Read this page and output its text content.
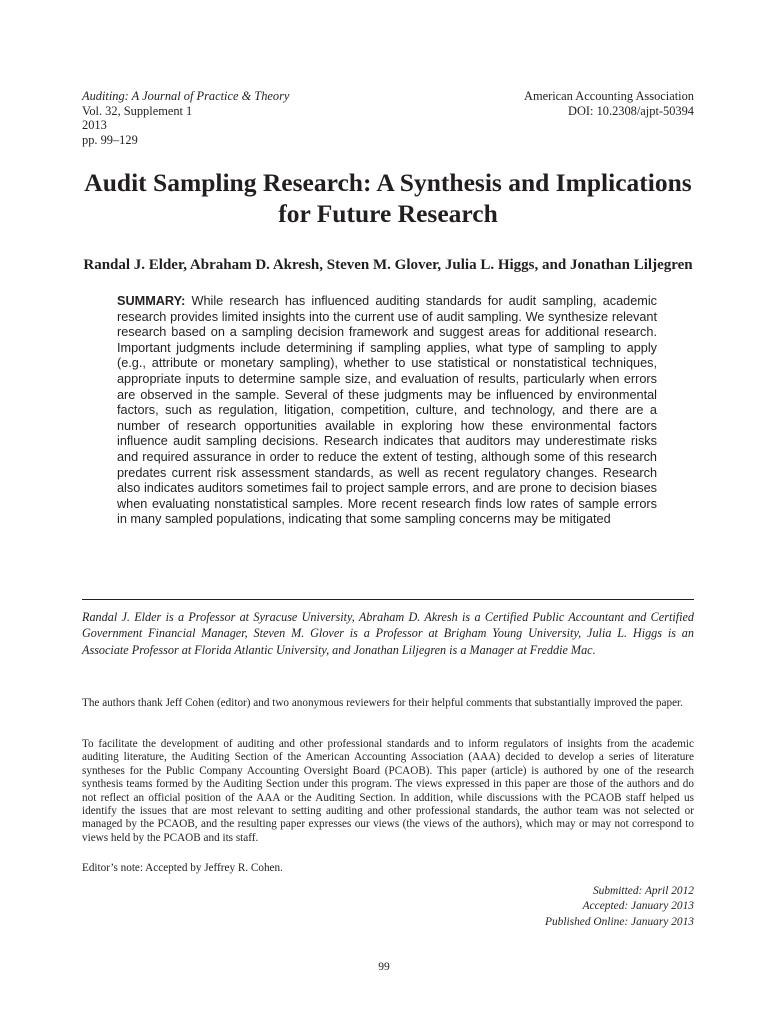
Auditing: A Journal of Practice & Theory
Vol. 32, Supplement 1
2013
pp. 99–129
American Accounting Association
DOI: 10.2308/ajpt-50394
Audit Sampling Research: A Synthesis and Implications for Future Research

Randal J. Elder, Abraham D. Akresh, Steven M. Glover, Julia L. Higgs, and Jonathan Liljegren

SUMMARY: While research has influenced auditing standards for audit sampling, academic research provides limited insights into the current use of audit sampling. We synthesize relevant research based on a sampling decision framework and suggest areas for additional research. Important judgments include determining if sampling applies, what type of sampling to apply (e.g., attribute or monetary sampling), whether to use statistical or nonstatistical techniques, appropriate inputs to determine sample size, and evaluation of results, particularly when errors are observed in the sample. Several of these judgments may be influenced by environmental factors, such as regulation, litigation, competition, culture, and technology, and there are a number of research opportunities available in exploring how these environmental factors influence audit sampling decisions. Research indicates that auditors may underestimate risks and required assurance in order to reduce the extent of testing, although some of this research predates current risk assessment standards, as well as recent regulatory changes. Research also indicates auditors sometimes fail to project sample errors, and are prone to decision biases when evaluating nonstatistical samples. More recent research finds low rates of sample errors in many sampled populations, indicating that some sampling concerns may be mitigated

Randal J. Elder is a Professor at Syracuse University, Abraham D. Akresh is a Certified Public Accountant and Certified Government Financial Manager, Steven M. Glover is a Professor at Brigham Young University, Julia L. Higgs is an Associate Professor at Florida Atlantic University, and Jonathan Liljegren is a Manager at Freddie Mac.

The authors thank Jeff Cohen (editor) and two anonymous reviewers for their helpful comments that substantially improved the paper.

To facilitate the development of auditing and other professional standards and to inform regulators of insights from the academic auditing literature, the Auditing Section of the American Accounting Association (AAA) decided to develop a series of literature syntheses for the Public Company Accounting Oversight Board (PCAOB). This paper (article) is authored by one of the research synthesis teams formed by the Auditing Section under this program. The views expressed in this paper are those of the authors and do not reflect an official position of the AAA or the Auditing Section. In addition, while discussions with the PCAOB staff helped us identify the issues that are most relevant to setting auditing and other professional standards, the author team was not selected or managed by the PCAOB, and the resulting paper expresses our views (the views of the authors), which may or may not correspond to views held by the PCAOB and its staff.

Editor’s note: Accepted by Jeffrey R. Cohen.

Submitted: April 2012
Accepted: January 2013
Published Online: January 2013
99
